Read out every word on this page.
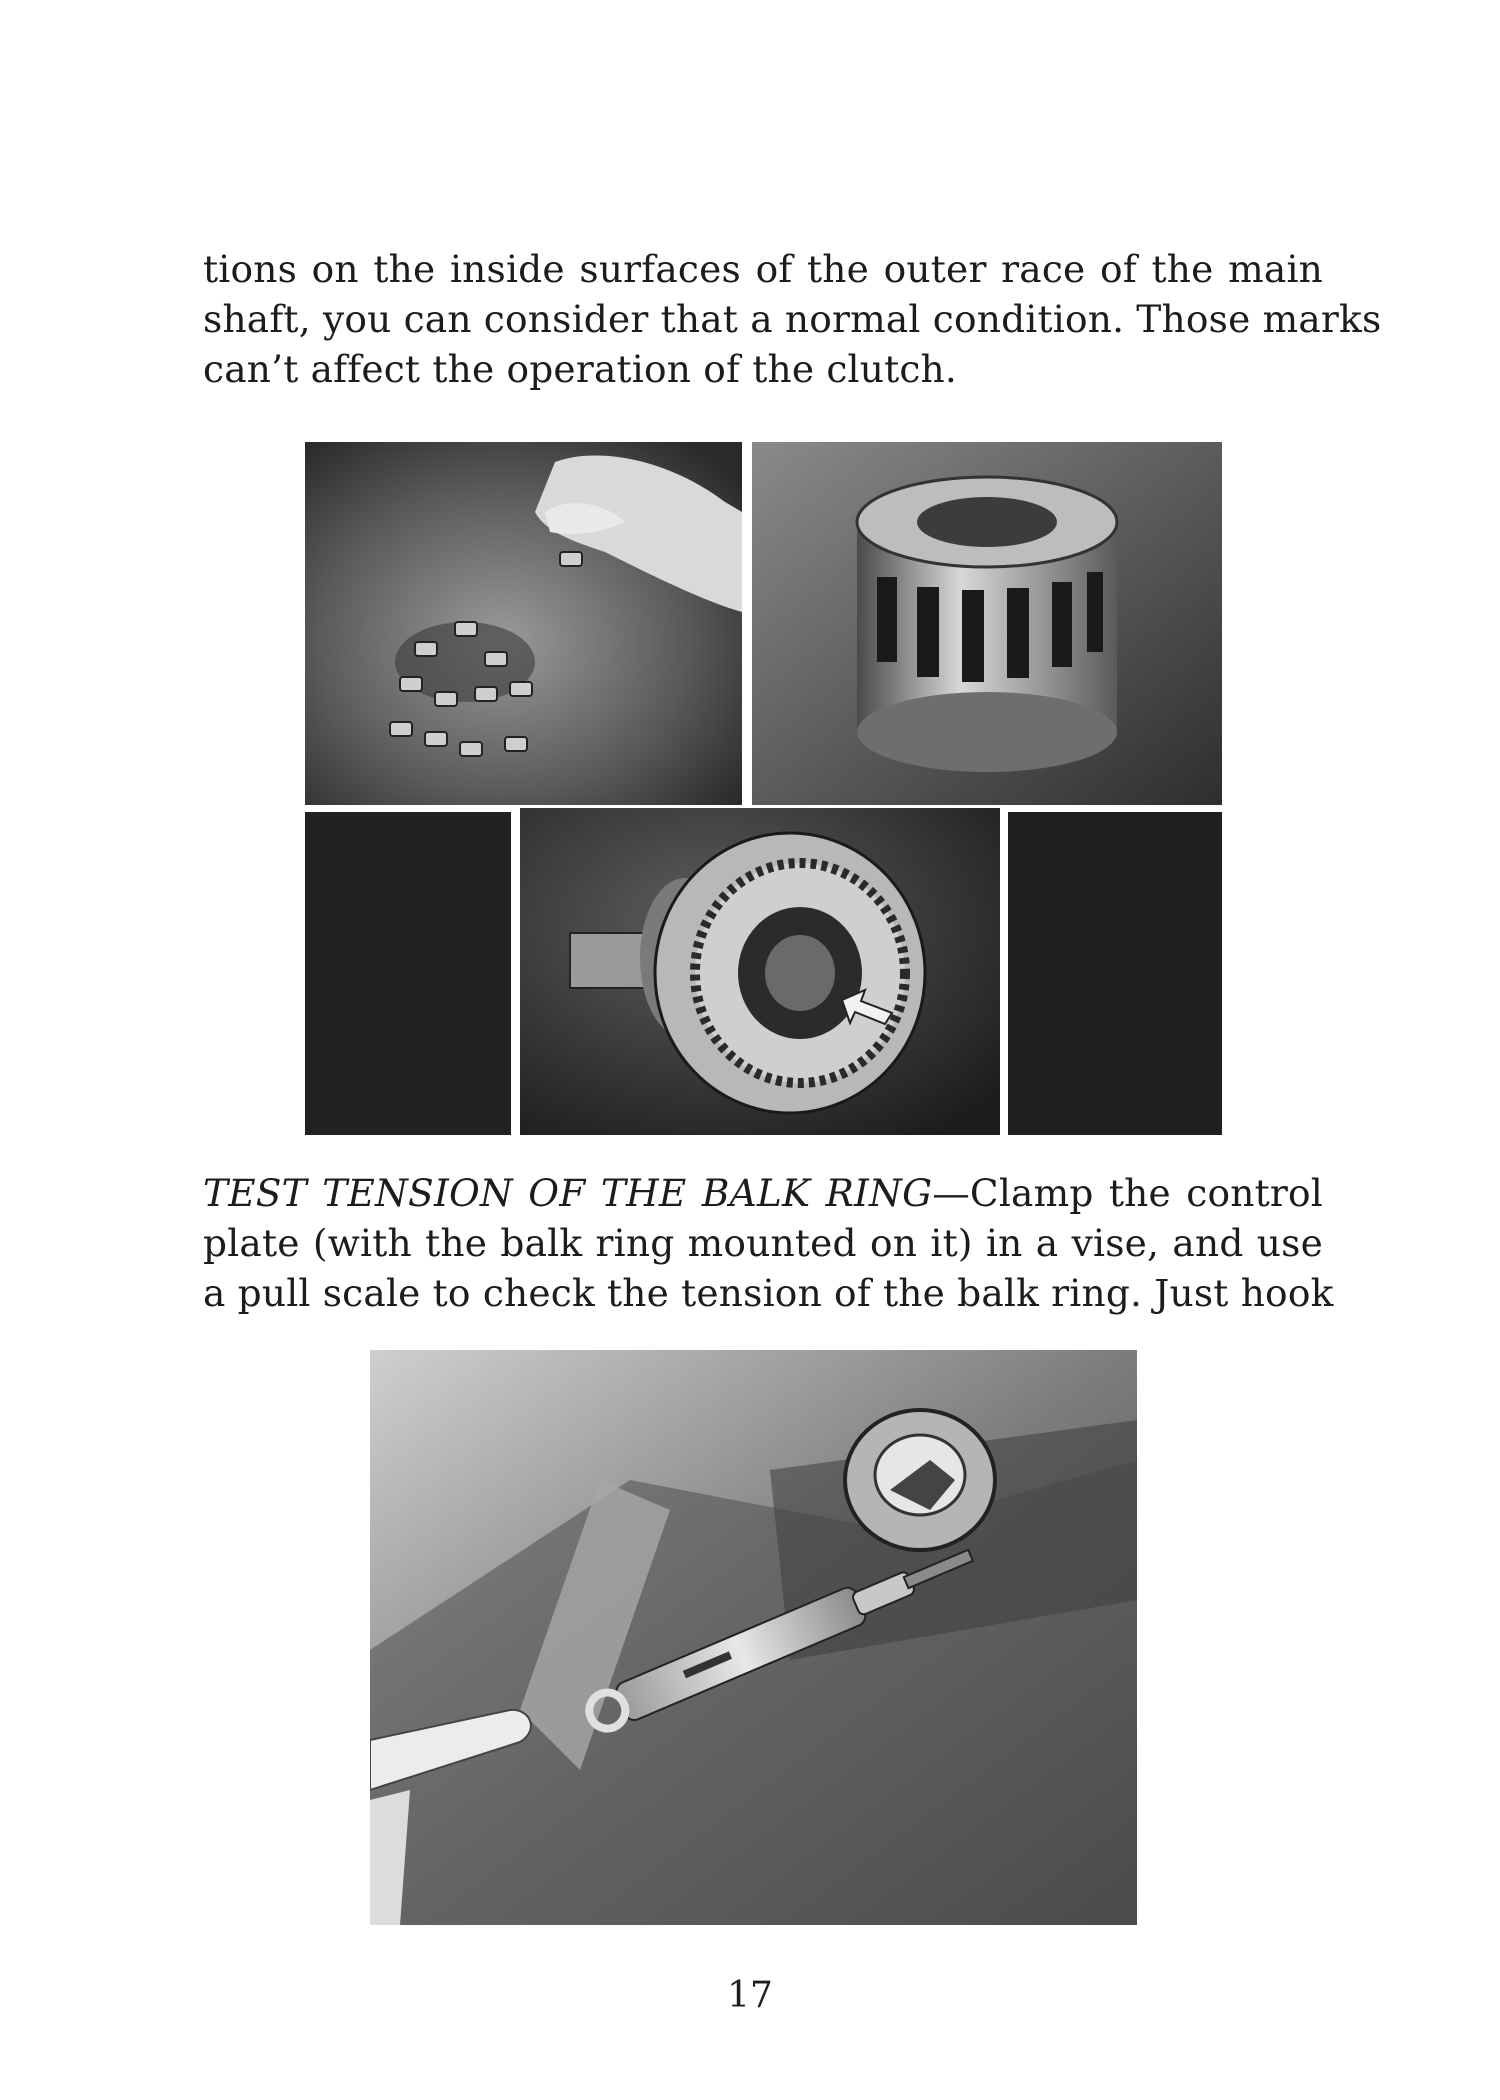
tions on the inside surfaces of the outer race of the main
shaft, you can consider that a normal condition. Those marks
can’t affect the operation of the clutch.
TEST TENSION OF THE BALK RING—Clamp the control
plate (with the balk ring mounted on it) in a vise, and use
a pull scale to check the tension of the balk ring. Just hook
17
